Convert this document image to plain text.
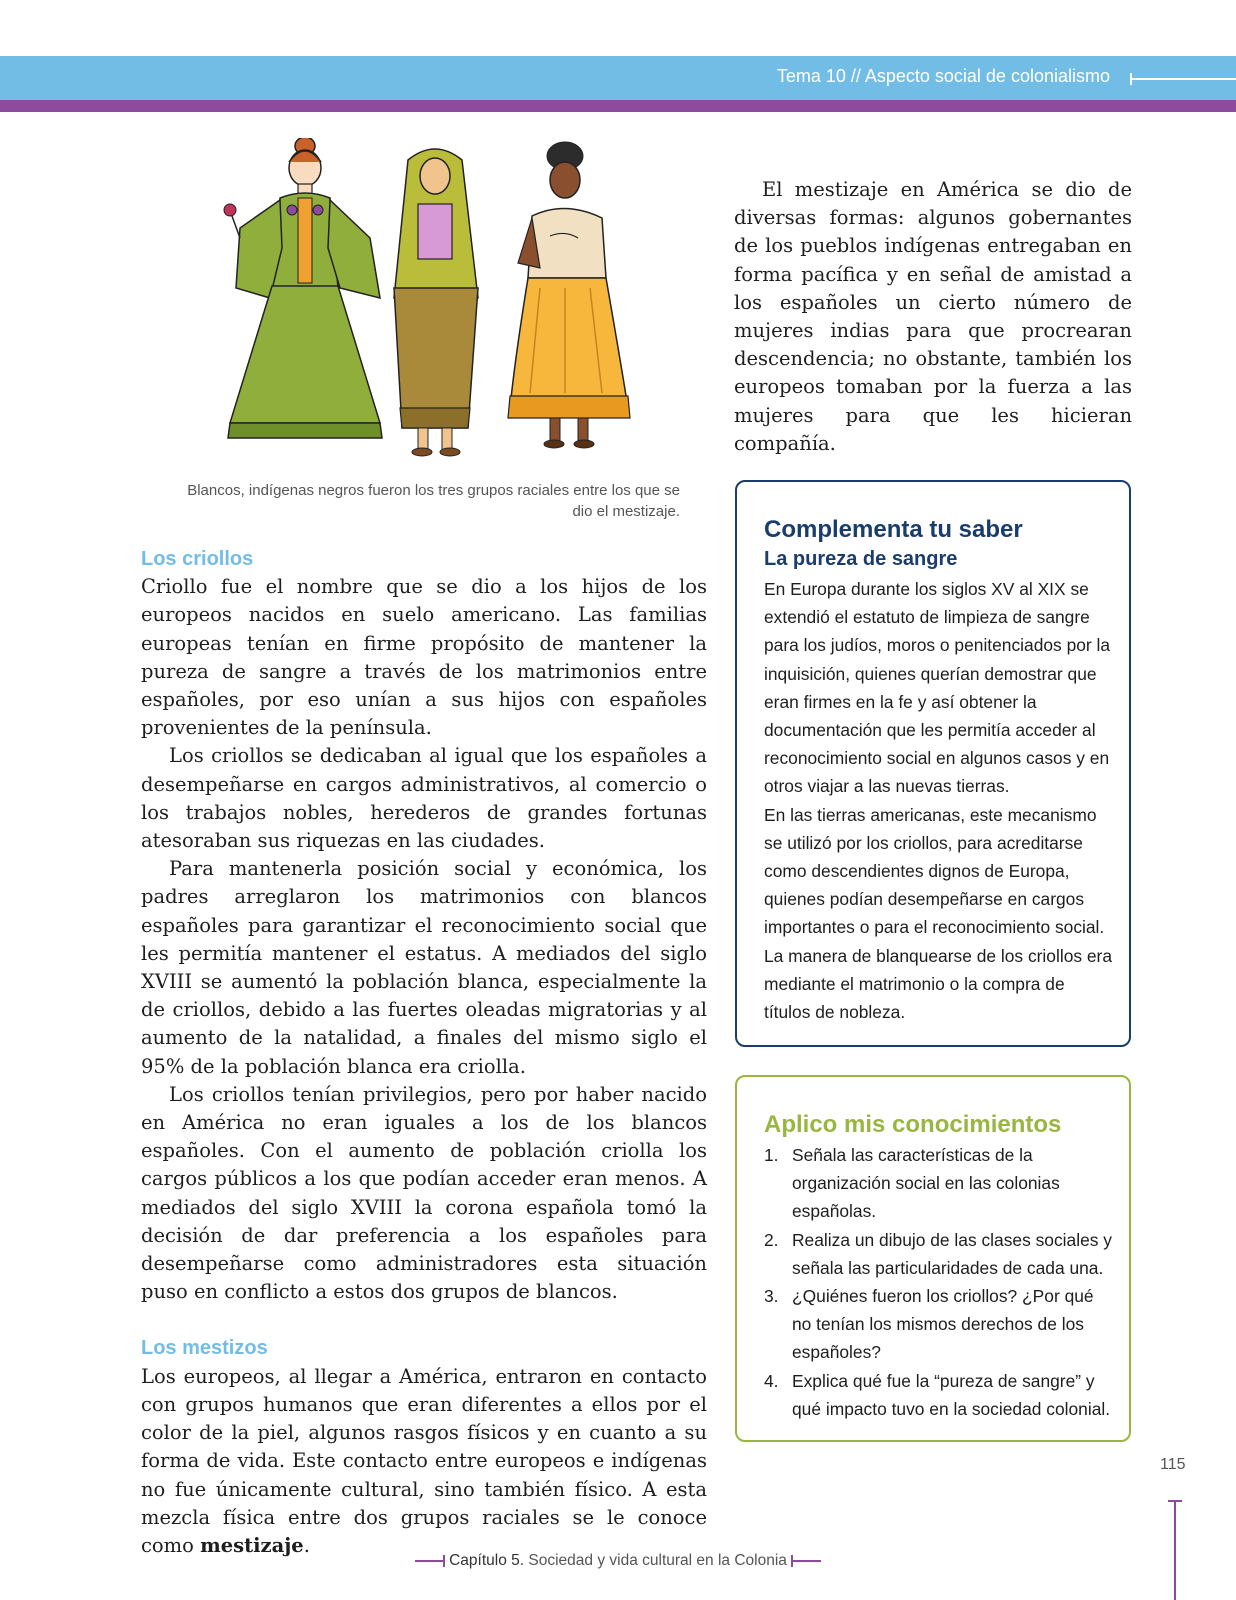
Tema 10 // Aspecto social de colonialismo
Blancos, indígenas negros fueron los tres grupos raciales entre los que se dio el mestizaje.

El mestizaje en América se dio de diversas formas: algunos gobernantes de los pueblos indígenas entregaban en forma pacífica y en señal de amistad a los españoles un cierto número de mujeres indias para que procrearan descendencia; no obstante, también los europeos tomaban por la fuerza a las mujeres para que les hicieran compañía.

Los criollos

Criollo fue el nombre que se dio a los hijos de los europeos nacidos en suelo americano. Las familias europeas tenían en firme propósito de mantener la pureza de sangre a través de los matrimonios entre españoles, por eso unían a sus hijos con españoles provenientes de la península.

Los criollos se dedicaban al igual que los españoles a desempeñarse en cargos administrativos, al comercio o los trabajos nobles, herederos de grandes fortunas atesoraban sus riquezas en las ciudades.

Para mantenerla posición social y económica, los padres arreglaron los matrimonios con blancos españoles para garantizar el reconocimiento social que les permitía mantener el estatus. A mediados del siglo XVIII se aumentó la población blanca, especialmente la de criollos, debido a las fuertes oleadas migratorias y al aumento de la natalidad, a finales del mismo siglo el 95% de la población blanca era criolla.

Los criollos tenían privilegios, pero por haber nacido en América no eran iguales a los de los blancos españoles. Con el aumento de población criolla los cargos públicos a los que podían acceder eran menos. A mediados del siglo XVIII la corona española tomó la decisión de dar preferencia a los españoles para desempeñarse como administradores esta situación puso en conflicto a estos dos grupos de blancos.

Los mestizos

Los europeos, al llegar a América, entraron en contacto con grupos humanos que eran diferentes a ellos por el color de la piel, algunos rasgos físicos y en cuanto a su forma de vida. Este contacto entre europeos e indígenas no fue únicamente cultural, sino también físico. A esta mezcla física entre dos grupos raciales se le conoce como mestizaje.

Complementa tu saber
La pureza de sangre

En Europa durante los siglos XV al XIX se extendió el estatuto de limpieza de sangre para los judíos, moros o penitenciados por la inquisición, quienes querían demostrar que eran firmes en la fe y así obtener la documentación que les permitía acceder al reconocimiento social en algunos casos y en otros viajar a las nuevas tierras.

En las tierras americanas, este mecanismo se utilizó por los criollos, para acreditarse como descendientes dignos de Europa, quienes podían desempeñarse en cargos importantes o para el reconocimiento social.

La manera de blanquearse de los criollos era mediante el matrimonio o la compra de títulos de nobleza.

Aplico mis conocimientos
1. Señala las características de la organización social en las colonias españolas.
2. Realiza un dibujo de las clases sociales y señala las particularidades de cada una.
3. ¿Quiénes fueron los criollos? ¿Por qué no tenían los mismos derechos de los españoles?
4. Explica qué fue la “pureza de sangre” y qué impacto tuvo en la sociedad colonial.
115
Capítulo 5. Sociedad y vida cultural en la Colonia
